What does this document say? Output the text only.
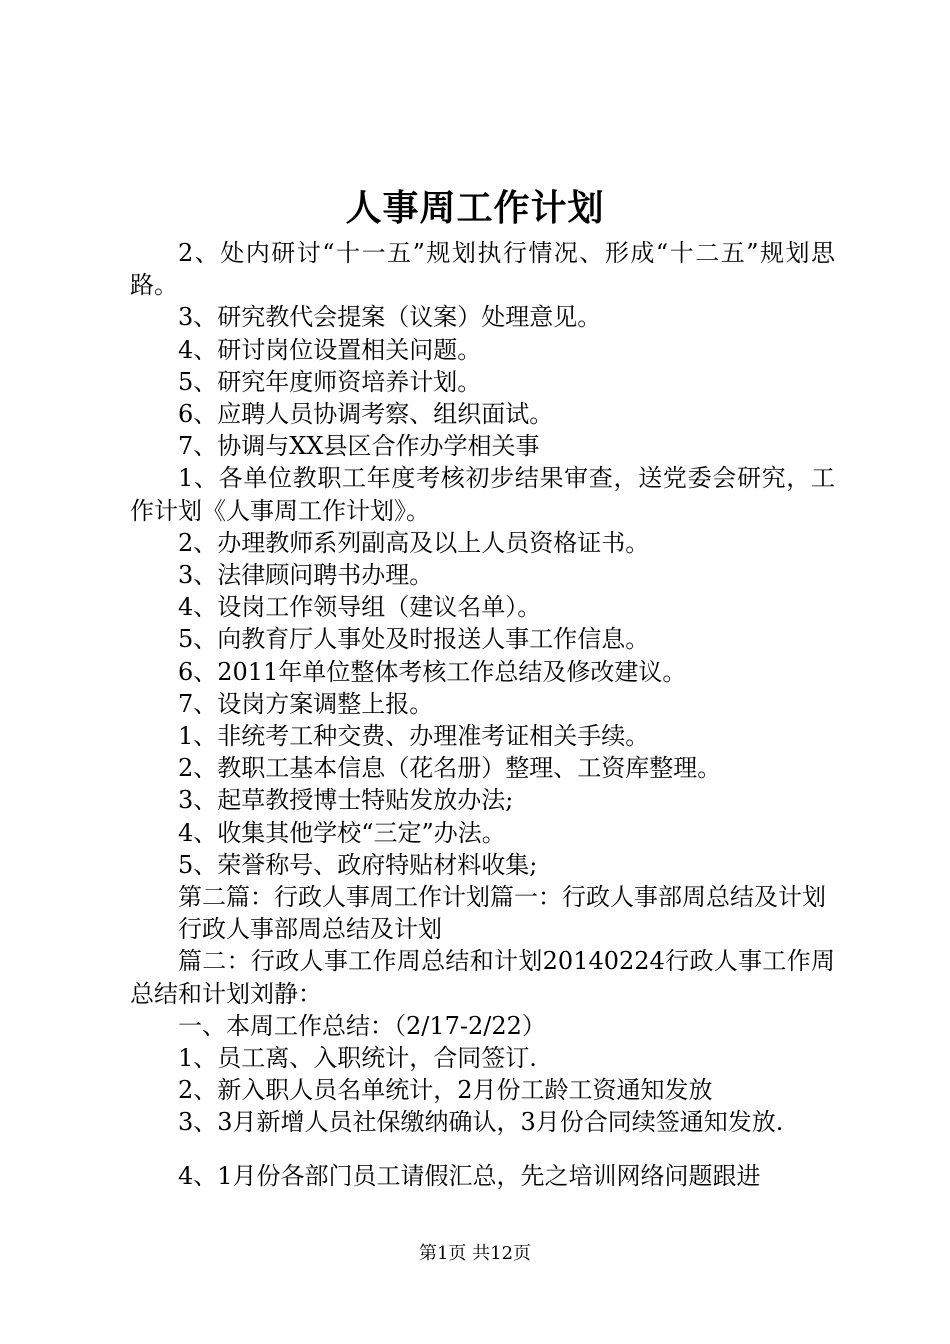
人事周工作计划

2、处内研讨“十一五”规划执行情况、形成“十二五”规划思路。

3、研究教代会提案（议案）处理意见。

4、研讨岗位设置相关问题。

5、研究年度师资培养计划。

6、应聘人员协调考察、组织面试。

7、协调与XX县区合作办学相关事

1、各单位教职工年度考核初步结果审查，送党委会研究，工作计划《人事周工作计划》。

2、办理教师系列副高及以上人员资格证书。

3、法律顾问聘书办理。

4、设岗工作领导组（建议名单）。

5、向教育厅人事处及时报送人事工作信息。

6、2011年单位整体考核工作总结及修改建议。

7、设岗方案调整上报。

1、非统考工种交费、办理准考证相关手续。

2、教职工基本信息（花名册）整理、工资库整理。

3、起草教授博士特贴发放办法;

4、收集其他学校“三定”办法。

5、荣誉称号、政府特贴材料收集;

第二篇：行政人事周工作计划篇一：行政人事部周总结及计划

行政人事部周总结及计划

篇二：行政人事工作周总结和计划20140224行政人事工作周总结和计划刘静：

一、本周工作总结：（2/17-2/22）

1、员工离、入职统计，合同签订.

2、新入职人员名单统计，2月份工龄工资通知发放

3、3月新增人员社保缴纳确认，3月份合同续签通知发放.

4、1月份各部门员工请假汇总，先之培训网络问题跟进

第1页 共12页
